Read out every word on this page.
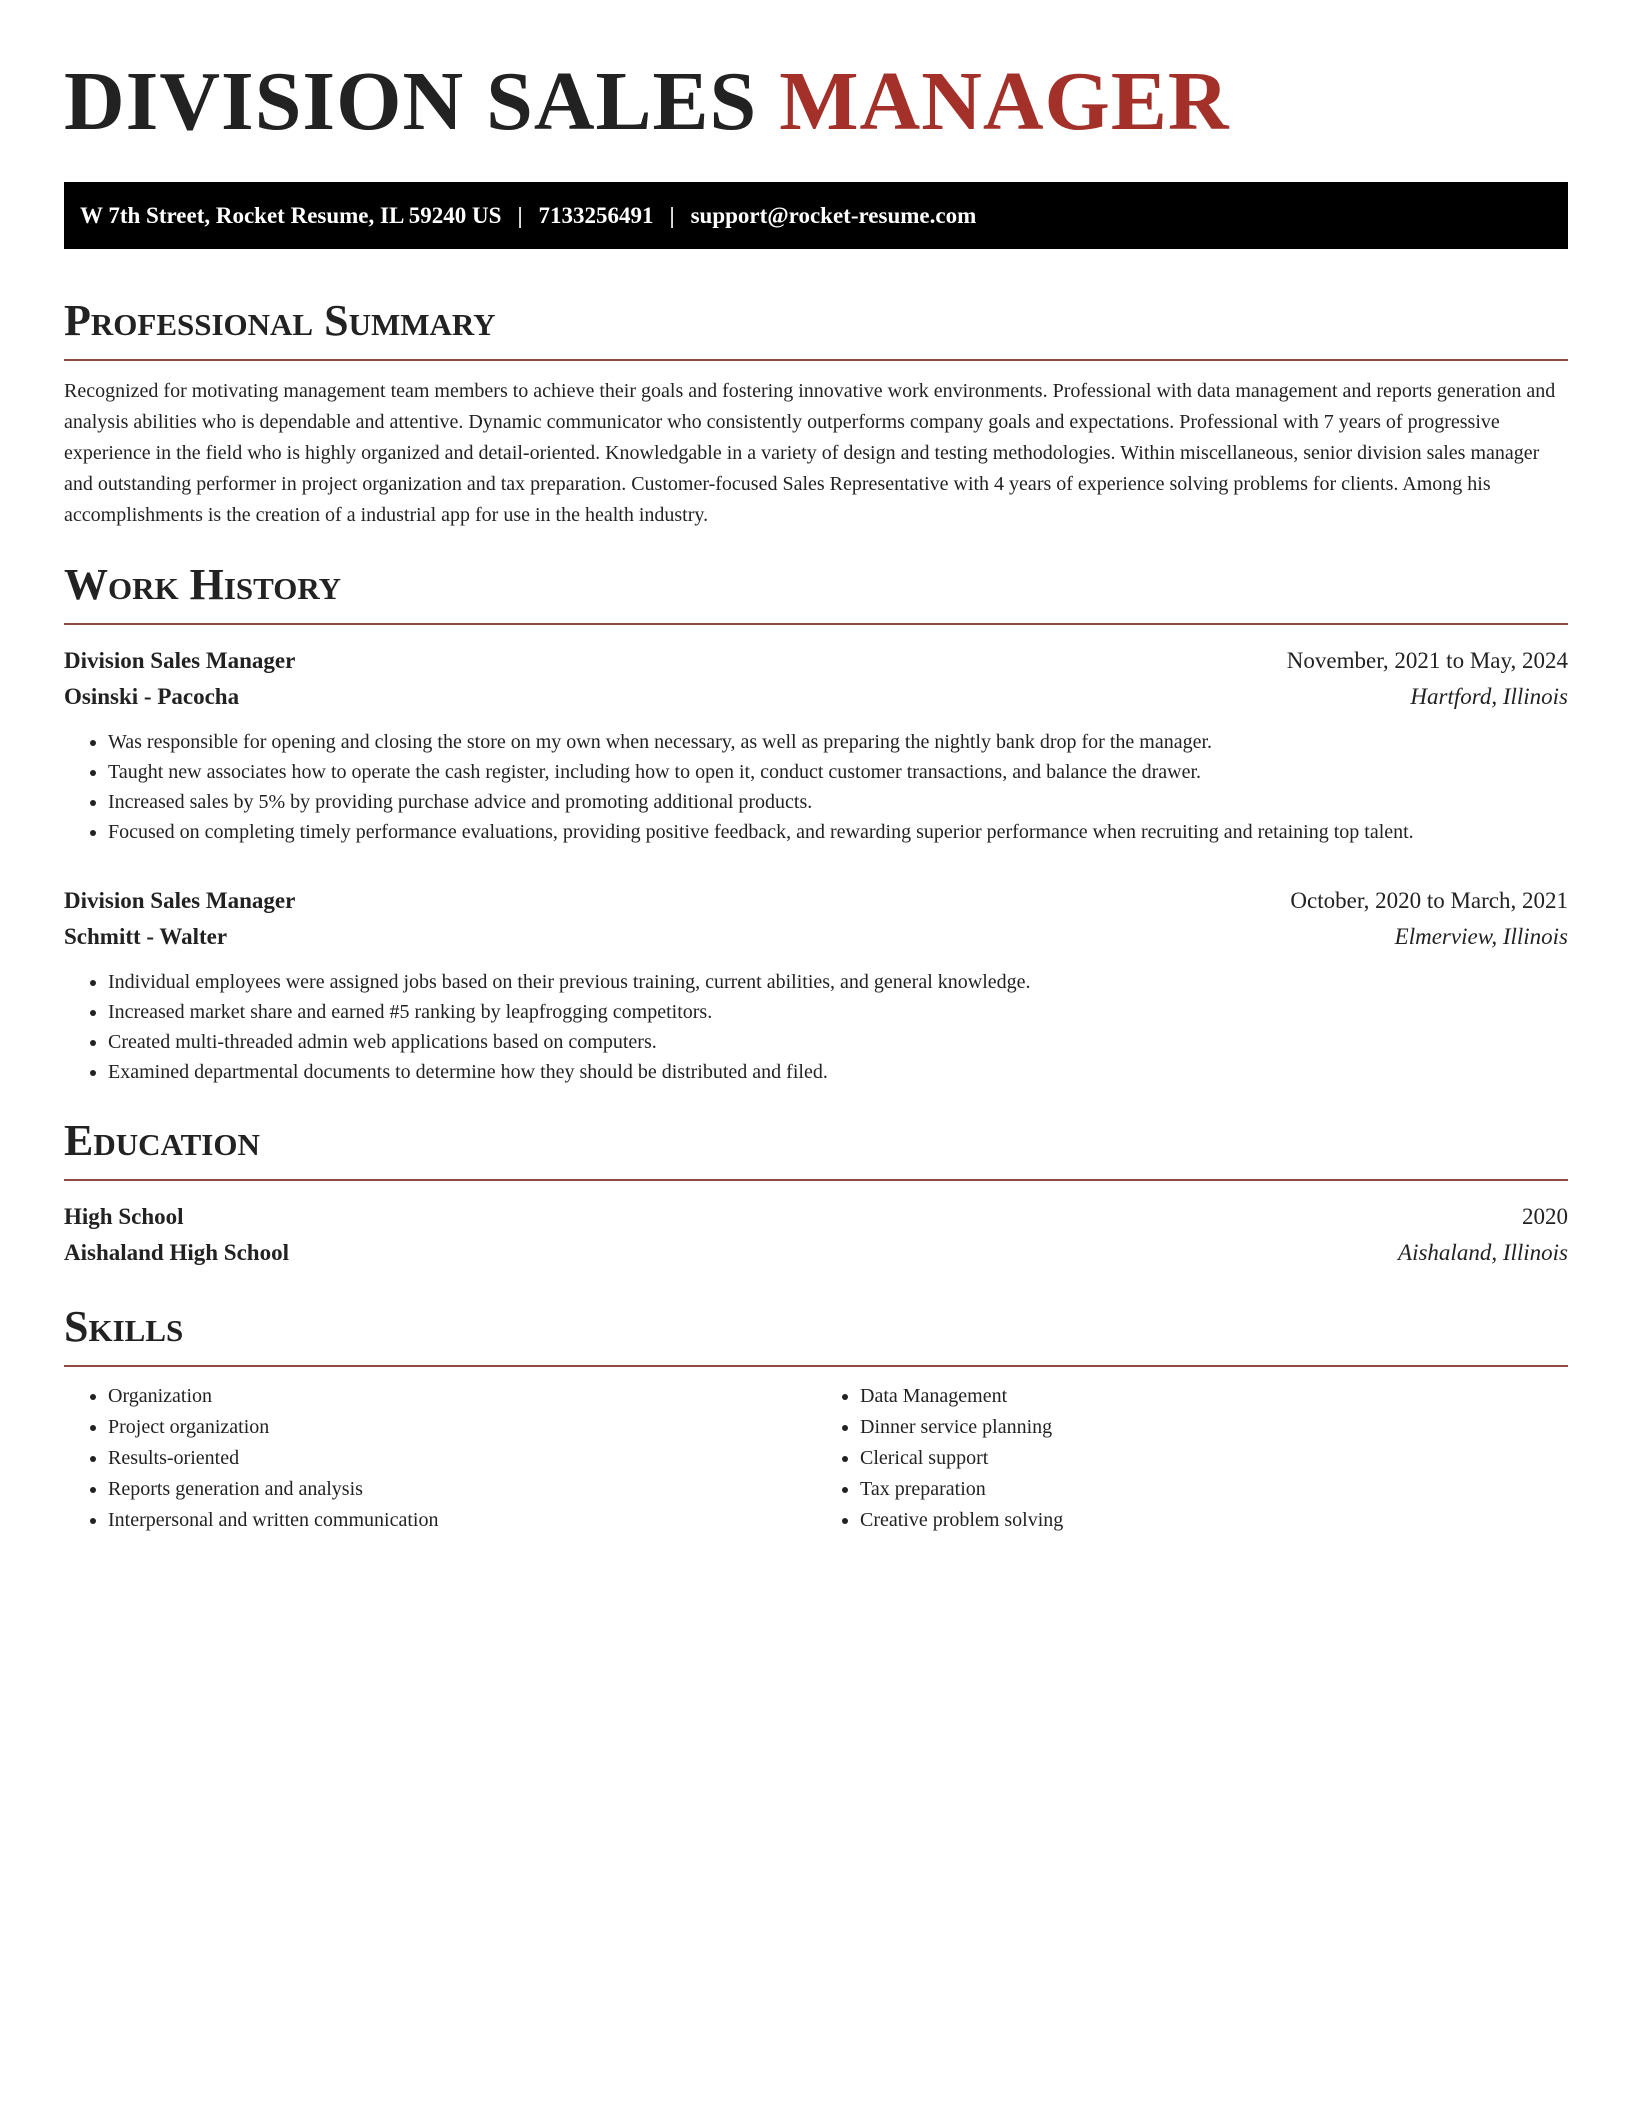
DIVISION SALES MANAGER
W 7th Street, Rocket Resume, IL 59240 US | 7133256491 | support@rocket-resume.com
Professional Summary

Recognized for motivating management team members to achieve their goals and fostering innovative work environments. Professional with data management and reports generation and analysis abilities who is dependable and attentive. Dynamic communicator who consistently outperforms company goals and expectations. Professional with 7 years of progressive experience in the field who is highly organized and detail-oriented. Knowledgable in a variety of design and testing methodologies. Within miscellaneous, senior division sales manager and outstanding performer in project organization and tax preparation. Customer-focused Sales Representative with 4 years of experience solving problems for clients. Among his accomplishments is the creation of a industrial app for use in the health industry.

Work History
Division Sales Manager	November, 2021 to May, 2024
Osinski - Pacocha	Hartford, Illinois
• Was responsible for opening and closing the store on my own when necessary, as well as preparing the nightly bank drop for the manager.
• Taught new associates how to operate the cash register, including how to open it, conduct customer transactions, and balance the drawer.
• Increased sales by 5% by providing purchase advice and promoting additional products.
• Focused on completing timely performance evaluations, providing positive feedback, and rewarding superior performance when recruiting and retaining top talent.
Division Sales Manager	October, 2020 to March, 2021
Schmitt - Walter	Elmerview, Illinois
• Individual employees were assigned jobs based on their previous training, current abilities, and general knowledge.
• Increased market share and earned #5 ranking by leapfrogging competitors.
• Created multi-threaded admin web applications based on computers.
• Examined departmental documents to determine how they should be distributed and filed.
Education
High School	2020
Aishaland High School	Aishaland, Illinois
Skills
• Organization
• Project organization
• Results-oriented
• Reports generation and analysis
• Interpersonal and written communication
• Data Management
• Dinner service planning
• Clerical support
• Tax preparation
• Creative problem solving
